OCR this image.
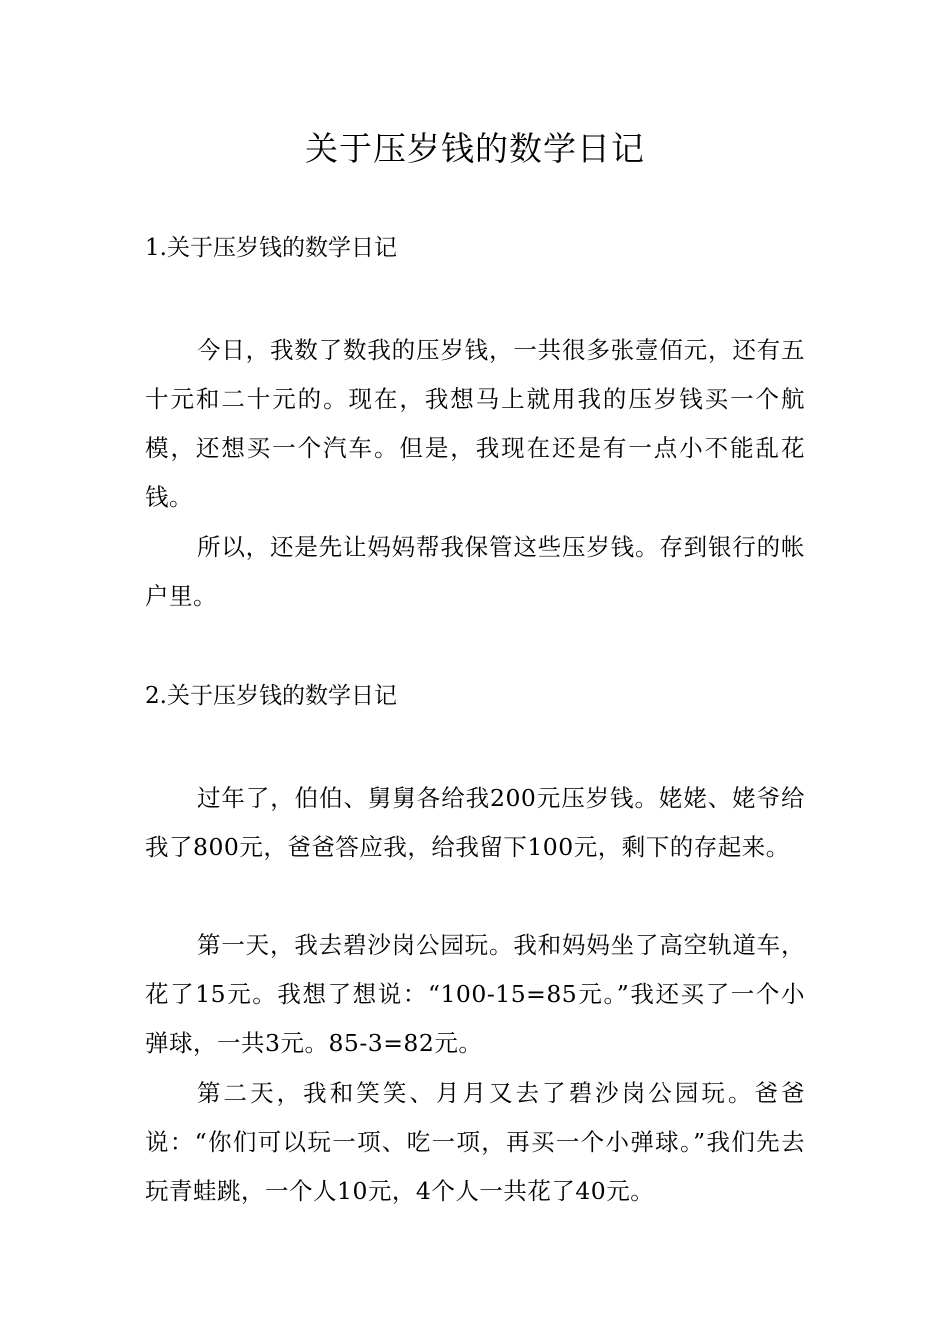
关于压岁钱的数学日记
1.关于压岁钱的数学日记

今日，我数了数我的压岁钱，一共很多张壹佰元，还有五十元和二十元的。现在，我想马上就用我的压岁钱买一个航模，还想买一个汽车。但是，我现在还是有一点小不能乱花钱。

所以，还是先让妈妈帮我保管这些压岁钱。存到银行的帐户里。

2.关于压岁钱的数学日记

过年了，伯伯、舅舅各给我200元压岁钱。姥姥、姥爷给我了800元，爸爸答应我，给我留下100元，剩下的存起来。

第一天，我去碧沙岗公园玩。我和妈妈坐了高空轨道车，花了15元。我想了想说：“100-15=85元。”我还买了一个小弹球，一共3元。85-3=82元。

第二天，我和笑笑、月月又去了碧沙岗公园玩。爸爸说：“你们可以玩一项、吃一项，再买一个小弹球。”我们先去玩青蛙跳，一个人10元，4个人一共花了40元。
